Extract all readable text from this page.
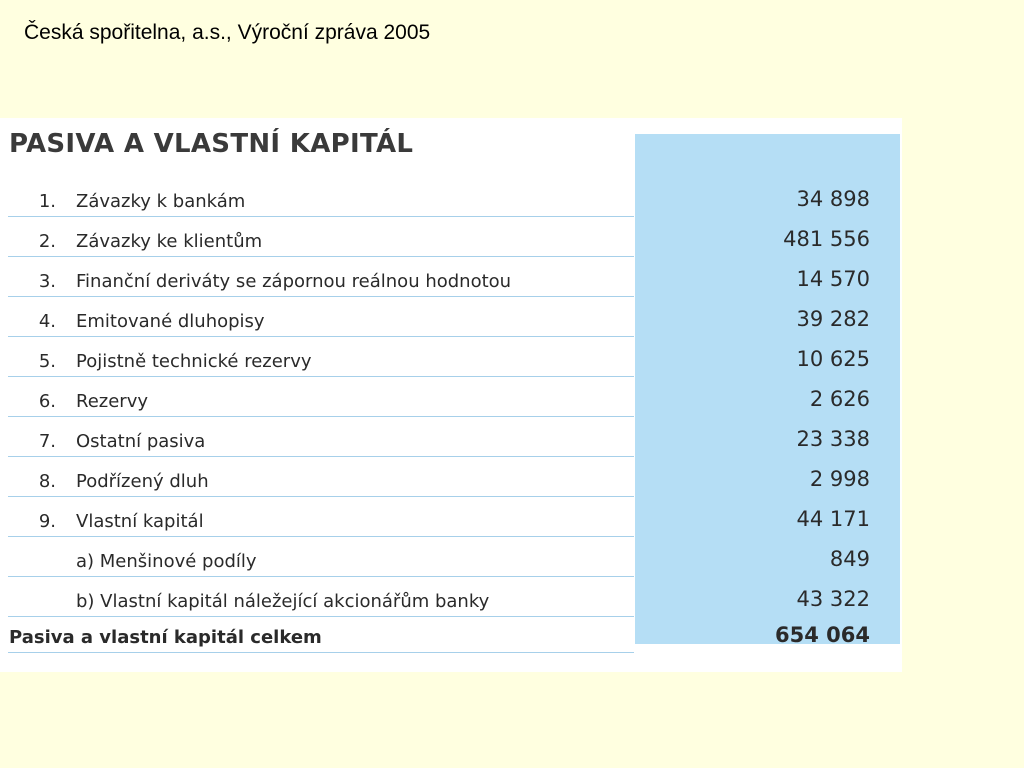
Česká spořitelna, a.s., Výroční zpráva 2005
PASIVA A VLASTNÍ KAPITÁL
1. Závazky k bankám	34 898
2. Závazky ke klientům	481 556
3. Finanční deriváty se zápornou reálnou hodnotou	14 570
4. Emitované dluhopisy	39 282
5. Pojistně technické rezervy	10 625
6. Rezervy	2 626
7. Ostatní pasiva	23 338
8. Podřízený dluh	2 998
9. Vlastní kapitál	44 171
a) Menšinové podíly	849
b) Vlastní kapitál náležející akcionářům banky	43 322
Pasiva a vlastní kapitál celkem	654 064
